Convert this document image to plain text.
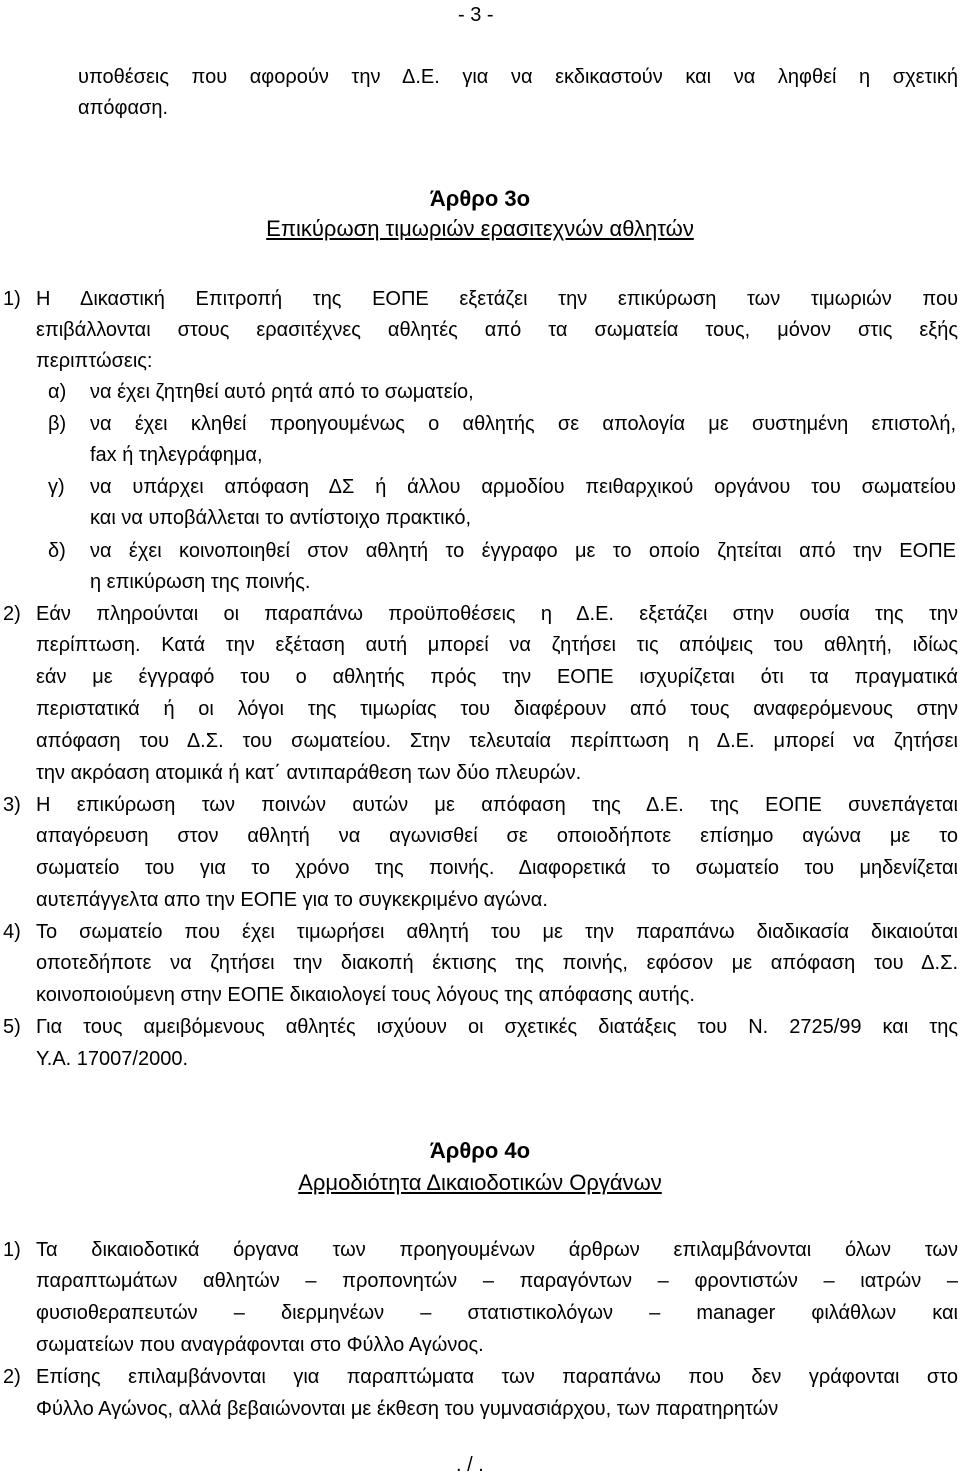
- 3 -
υποθέσεις που αφορούν την Δ.Ε. για να εκδικαστούν και να ληφθεί η σχετική
απόφαση.
Άρθρο 3ο
Επικύρωση τιμωριών ερασιτεχνών αθλητών
1) Η Δικαστική Επιτροπή της ΕΟΠΕ εξετάζει την επικύρωση των τιμωριών που
επιβάλλονται στους ερασιτέχνες αθλητές από τα σωματεία τους, μόνον στις εξής
περιπτώσεις:
α) να έχει ζητηθεί αυτό ρητά από το σωματείο,
β) να έχει κληθεί προηγουμένως ο αθλητής σε απολογία με συστημένη επιστολή,
fax ή τηλεγράφημα,
γ) να υπάρχει απόφαση ΔΣ ή άλλου αρμοδίου πειθαρχικού οργάνου του σωματείου
και να υποβάλλεται το αντίστοιχο πρακτικό,
δ) να έχει κοινοποιηθεί στον αθλητή το έγγραφο με το οποίο ζητείται από την ΕΟΠΕ
η επικύρωση της ποινής.
2) Εάν πληρούνται οι παραπάνω προϋποθέσεις η Δ.Ε. εξετάζει στην ουσία της την
περίπτωση. Κατά την εξέταση αυτή μπορεί να ζητήσει τις απόψεις του αθλητή, ιδίως
εάν με έγγραφό του ο αθλητής πρός την ΕΟΠΕ ισχυρίζεται ότι τα πραγματικά
περιστατικά ή οι λόγοι της τιμωρίας του διαφέρουν από τους αναφερόμενους στην
απόφαση του Δ.Σ. του σωματείου. Στην τελευταία περίπτωση η Δ.Ε. μπορεί να ζητήσει
την ακρόαση ατομικά ή κατ΄ αντιπαράθεση των δύο πλευρών.
3) Η επικύρωση των ποινών αυτών με απόφαση της Δ.Ε. της ΕΟΠΕ συνεπάγεται
απαγόρευση στον αθλητή να αγωνισθεί σε οποιοδήποτε επίσημο αγώνα με το
σωματείο του για το χρόνο της ποινής. Διαφορετικά το σωματείο του μηδενίζεται
αυτεπάγγελτα απο την ΕΟΠΕ για το συγκεκριμένο αγώνα.
4) Το σωματείο που έχει τιμωρήσει αθλητή του με την παραπάνω διαδικασία δικαιούται
οποτεδήποτε να ζητήσει την διακοπή έκτισης της ποινής, εφόσον με απόφαση του Δ.Σ.
κοινοποιούμενη στην ΕΟΠΕ δικαιολογεί τους λόγους της απόφασης αυτής.
5) Για τους αμειβόμενους αθλητές ισχύουν οι σχετικές διατάξεις του Ν. 2725/99 και της
Υ.Α. 17007/2000.
Άρθρο 4ο
Αρμοδιότητα Δικαιοδοτικών Οργάνων
1) Τα δικαιοδοτικά όργανα των προηγουμένων άρθρων επιλαμβάνονται όλων των
παραπτωμάτων αθλητών – προπονητών – παραγόντων – φροντιστών – ιατρών –
φυσιοθεραπευτών – διερμηνέων – στατιστικολόγων – manager φιλάθλων και
σωματείων που αναγράφονται στο Φύλλο Αγώνος.
2) Επίσης επιλαμβάνονται για παραπτώματα των παραπάνω που δεν γράφονται στο
Φύλλο Αγώνος, αλλά βεβαιώνονται με έκθεση του γυμνασιάρχου, των παρατηρητών
. / .
